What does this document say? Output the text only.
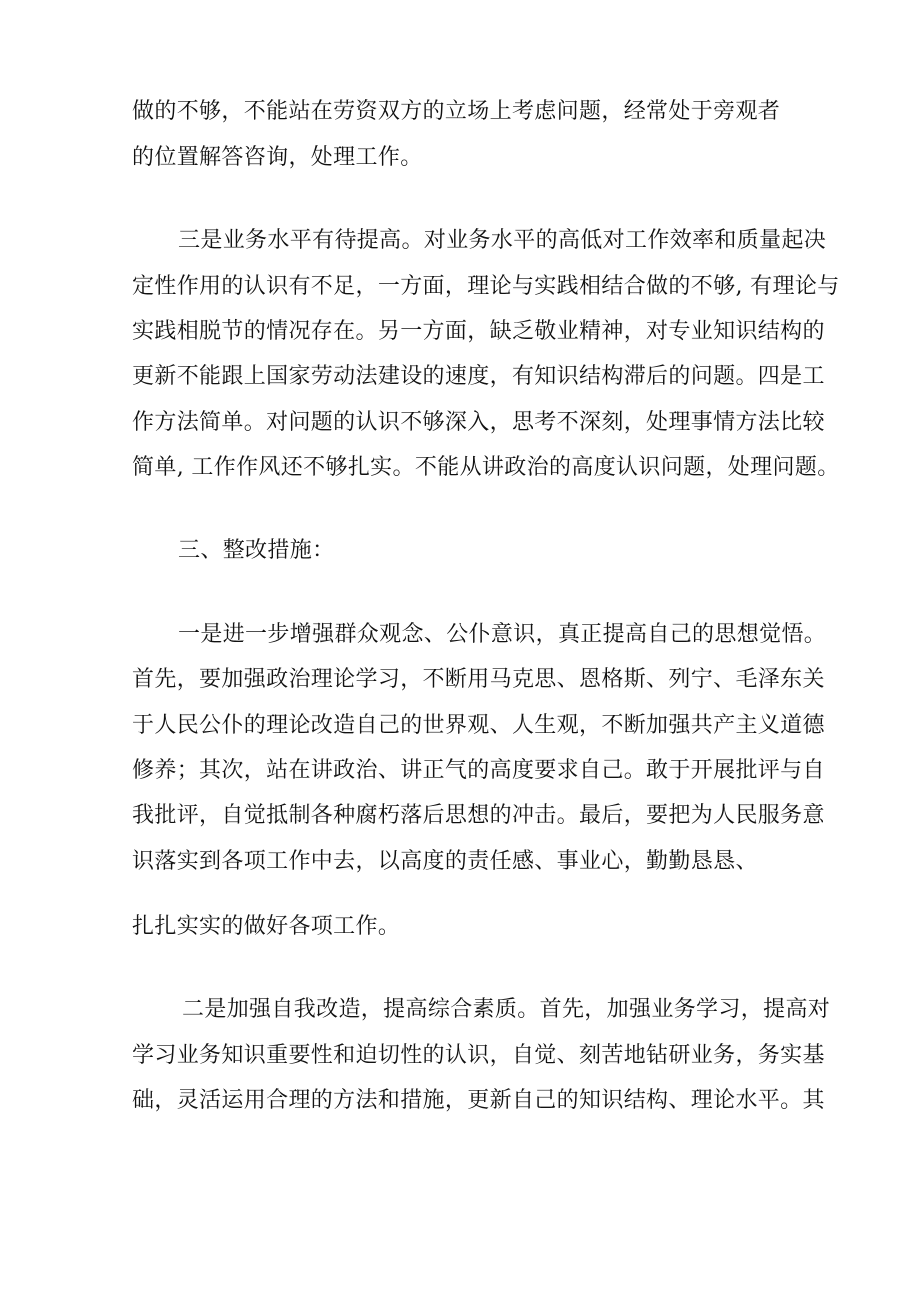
做的不够，不能站在劳资双方的立场上考虑问题，经常处于旁观者
的位置解答咨询，处理工作。
三是业务水平有待提高。对业务水平的高低对工作效率和质量起决
定性作用的认识有不足，一方面，理论与实践相结合做的不够, 有理论与
实践相脱节的情况存在。另一方面，缺乏敬业精神，对专业知识结构的
更新不能跟上国家劳动法建设的速度，有知识结构滞后的问题。四是工
作方法简单。对问题的认识不够深入，思考不深刻，处理事情方法比较
简单, 工作作风还不够扎实。不能从讲政治的高度认识问题，处理问题。
三、整改措施：
一是进一步增强群众观念、公仆意识，真正提高自己的思想觉悟。
首先，要加强政治理论学习，不断用马克思、恩格斯、列宁、毛泽东关
于人民公仆的理论改造自己的世界观、人生观，不断加强共产主义道德
修养；其次，站在讲政治、讲正气的高度要求自己。敢于开展批评与自
我批评，自觉抵制各种腐朽落后思想的冲击。最后，要把为人民服务意
识落实到各项工作中去，以高度的责任感、事业心，勤勤恳恳、
扎扎实实的做好各项工作。
二是加强自我改造，提高综合素质。首先，加强业务学习，提高对
学习业务知识重要性和迫切性的认识，自觉、刻苦地钻研业务，务实基
础，灵活运用合理的方法和措施，更新自己的知识结构、理论水平。其
